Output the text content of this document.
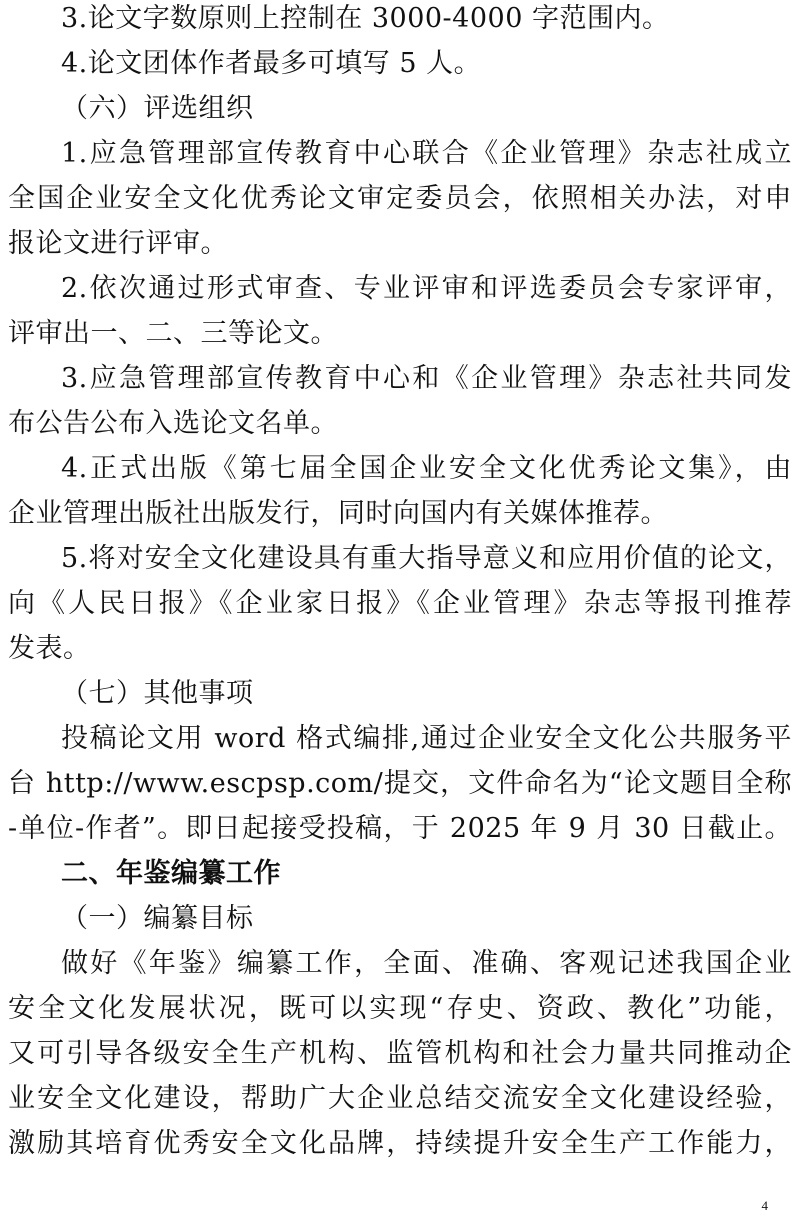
3.论文字数原则上控制在 3000-4000 字范围内。
4.论文团体作者最多可填写 5 人。
（六）评选组织
1.应急管理部宣传教育中心联合《企业管理》杂志社成立
全国企业安全文化优秀论文审定委员会，依照相关办法，对申
报论文进行评审。
2.依次通过形式审查、专业评审和评选委员会专家评审，
评审出一、二、三等论文。
3.应急管理部宣传教育中心和《企业管理》杂志社共同发
布公告公布入选论文名单。
4.正式出版《第七届全国企业安全文化优秀论文集》，由
企业管理出版社出版发行，同时向国内有关媒体推荐。
5.将对安全文化建设具有重大指导意义和应用价值的论文，
向《人民日报》《企业家日报》《企业管理》杂志等报刊推荐
发表。
（七）其他事项
投稿论文用 word 格式编排,通过企业安全文化公共服务平
台 http://www.escpsp.com/提交，文件命名为“论文题目全称
-单位-作者”。即日起接受投稿，于 2025 年 9 月 30 日截止。
二、年鉴编纂工作
（一）编纂目标
做好《年鉴》编纂工作，全面、准确、客观记述我国企业
安全文化发展状况，既可以实现“存史、资政、教化”功能，
又可引导各级安全生产机构、监管机构和社会力量共同推动企
业安全文化建设，帮助广大企业总结交流安全文化建设经验，
激励其培育优秀安全文化品牌，持续提升安全生产工作能力，
4
